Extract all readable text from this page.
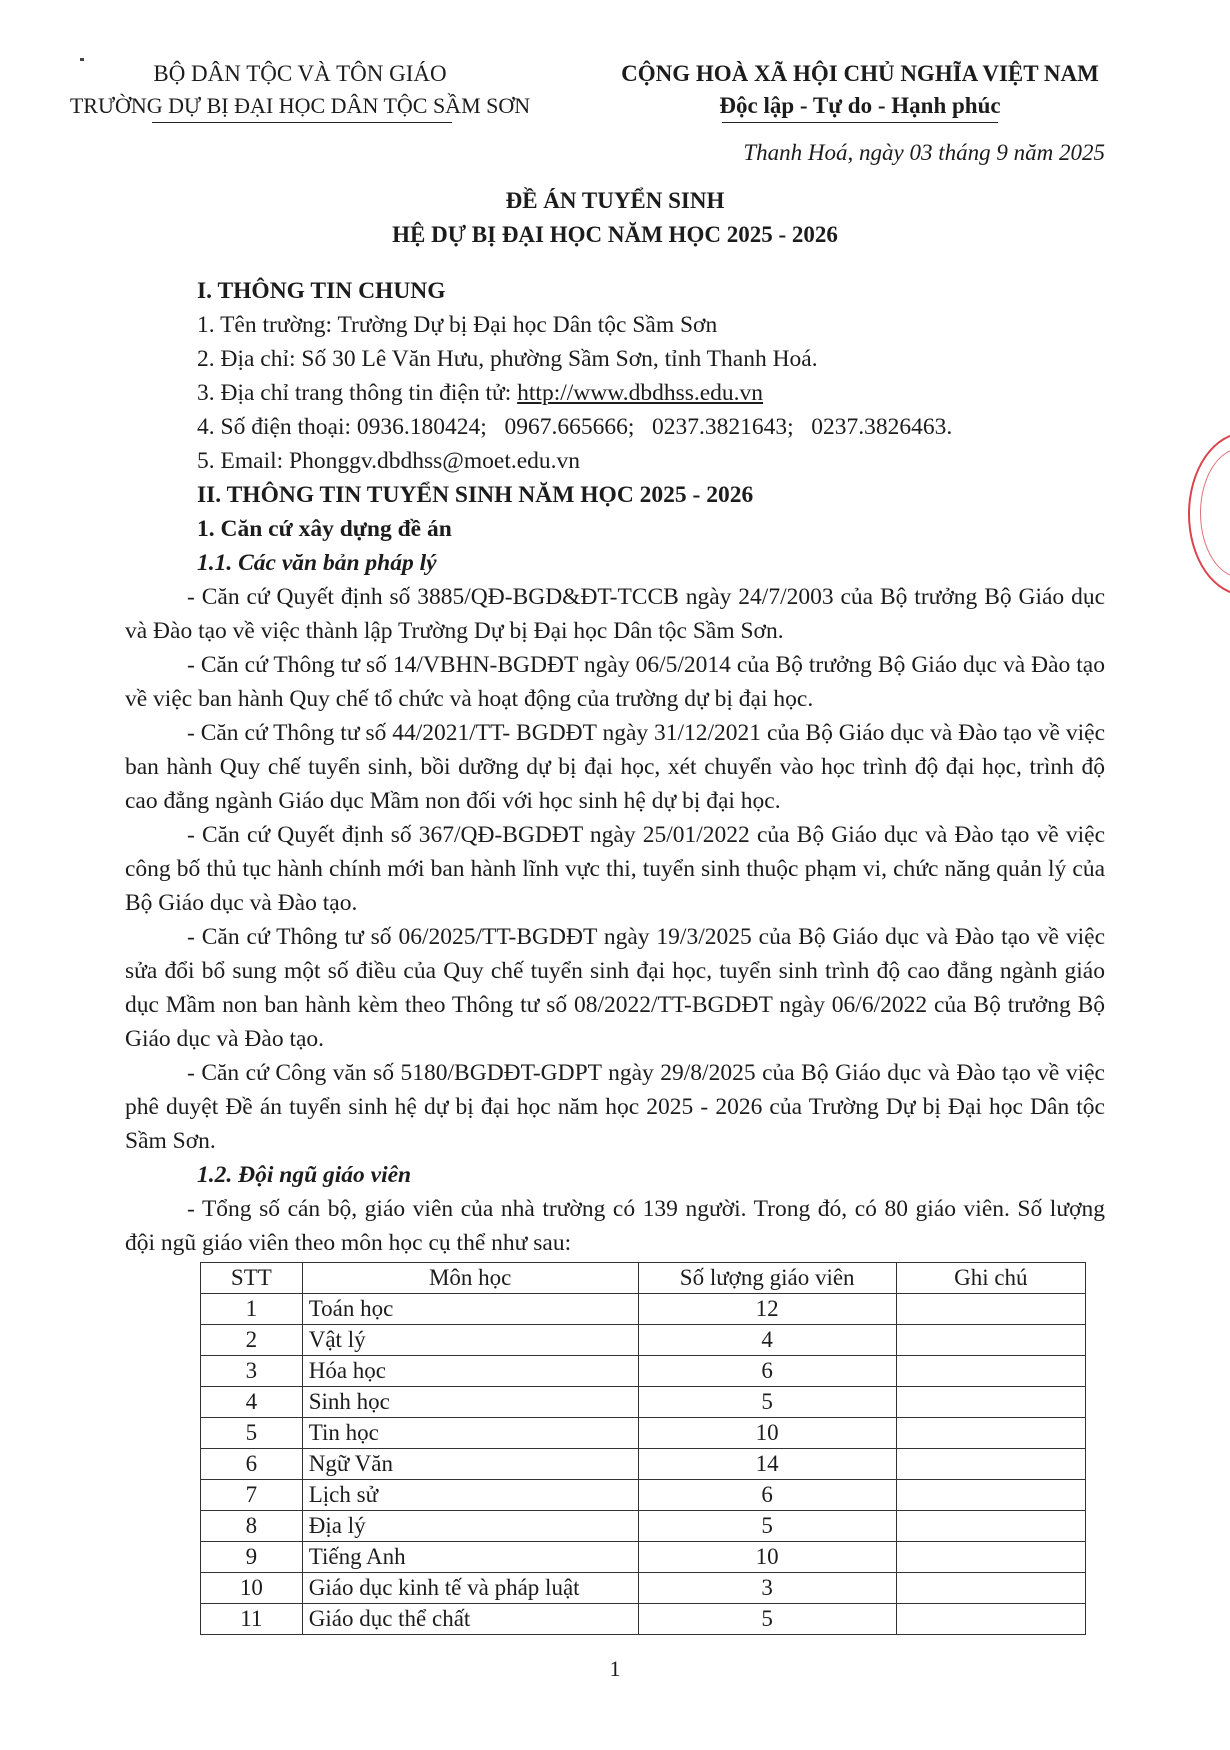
BỘ DÂN TỘC VÀ TÔN GIÁO
TRƯỜNG DỰ BỊ ĐẠI HỌC DÂN TỘC SẦM SƠN
CỘNG HOÀ XÃ HỘI CHỦ NGHĨA VIỆT NAM
Độc lập - Tự do - Hạnh phúc
Thanh Hoá, ngày 03 tháng 9 năm 2025
ĐỀ ÁN TUYỂN SINH
HỆ DỰ BỊ ĐẠI HỌC NĂM HỌC 2025 - 2026
I. THÔNG TIN CHUNG
1. Tên trường: Trường Dự bị Đại học Dân tộc Sầm Sơn
2. Địa chỉ: Số 30 Lê Văn Hưu, phường Sầm Sơn, tỉnh Thanh Hoá.
3. Địa chỉ trang thông tin điện tử: http://www.dbdhss.edu.vn
4. Số điện thoại: 0936.180424;   0967.665666;   0237.3821643;   0237.3826463.
5. Email: Phonggv.dbdhss@moet.edu.vn
II. THÔNG TIN TUYỂN SINH NĂM HỌC 2025 - 2026
1. Căn cứ xây dựng đề án
1.1. Các văn bản pháp lý
- Căn cứ Quyết định số 3885/QĐ-BGD&ĐT-TCCB ngày 24/7/2003 của Bộ trưởng Bộ Giáo dục và Đào tạo về việc thành lập Trường Dự bị Đại học Dân tộc Sầm Sơn.
- Căn cứ Thông tư số 14/VBHN-BGDĐT ngày 06/5/2014 của Bộ trưởng Bộ Giáo dục và Đào tạo về việc ban hành Quy chế tổ chức và hoạt động của trường dự bị đại học.
- Căn cứ Thông tư số 44/2021/TT- BGDĐT ngày 31/12/2021 của Bộ Giáo dục và Đào tạo về việc ban hành Quy chế tuyển sinh, bồi dưỡng dự bị đại học, xét chuyển vào học trình độ đại học, trình độ cao đẳng ngành Giáo dục Mầm non đối với học sinh hệ dự bị đại học.
- Căn cứ Quyết định số 367/QĐ-BGDĐT ngày 25/01/2022 của Bộ Giáo dục và Đào tạo về việc công bố thủ tục hành chính mới ban hành lĩnh vực thi, tuyển sinh thuộc phạm vi, chức năng quản lý của Bộ Giáo dục và Đào tạo.
- Căn cứ Thông tư số 06/2025/TT-BGDĐT ngày 19/3/2025 của Bộ Giáo dục và Đào tạo về việc sửa đổi bổ sung một số điều của Quy chế tuyển sinh đại học, tuyển sinh trình độ cao đẳng ngành giáo dục Mầm non ban hành kèm theo Thông tư số 08/2022/TT-BGDĐT ngày 06/6/2022 của Bộ trưởng Bộ Giáo dục và Đào tạo.
- Căn cứ Công văn số 5180/BGDĐT-GDPT ngày 29/8/2025 của Bộ Giáo dục và Đào tạo về việc phê duyệt Đề án tuyển sinh hệ dự bị đại học năm học 2025 - 2026 của Trường Dự bị Đại học Dân tộc Sầm Sơn.
1.2. Đội ngũ giáo viên
- Tổng số cán bộ, giáo viên của nhà trường có 139 người. Trong đó, có 80 giáo viên. Số lượng đội ngũ giáo viên theo môn học cụ thể như sau:
STT	Môn học	Số lượng giáo viên	Ghi chú
1	Toán học	12	
2	Vật lý	4	
3	Hóa học	6	
4	Sinh học	5	
5	Tin học	10	
6	Ngữ Văn	14	
7	Lịch sử	6	
8	Địa lý	5	
9	Tiếng Anh	10	
10	Giáo dục kinh tế và pháp luật	3	
11	Giáo dục thể chất	5	
1
